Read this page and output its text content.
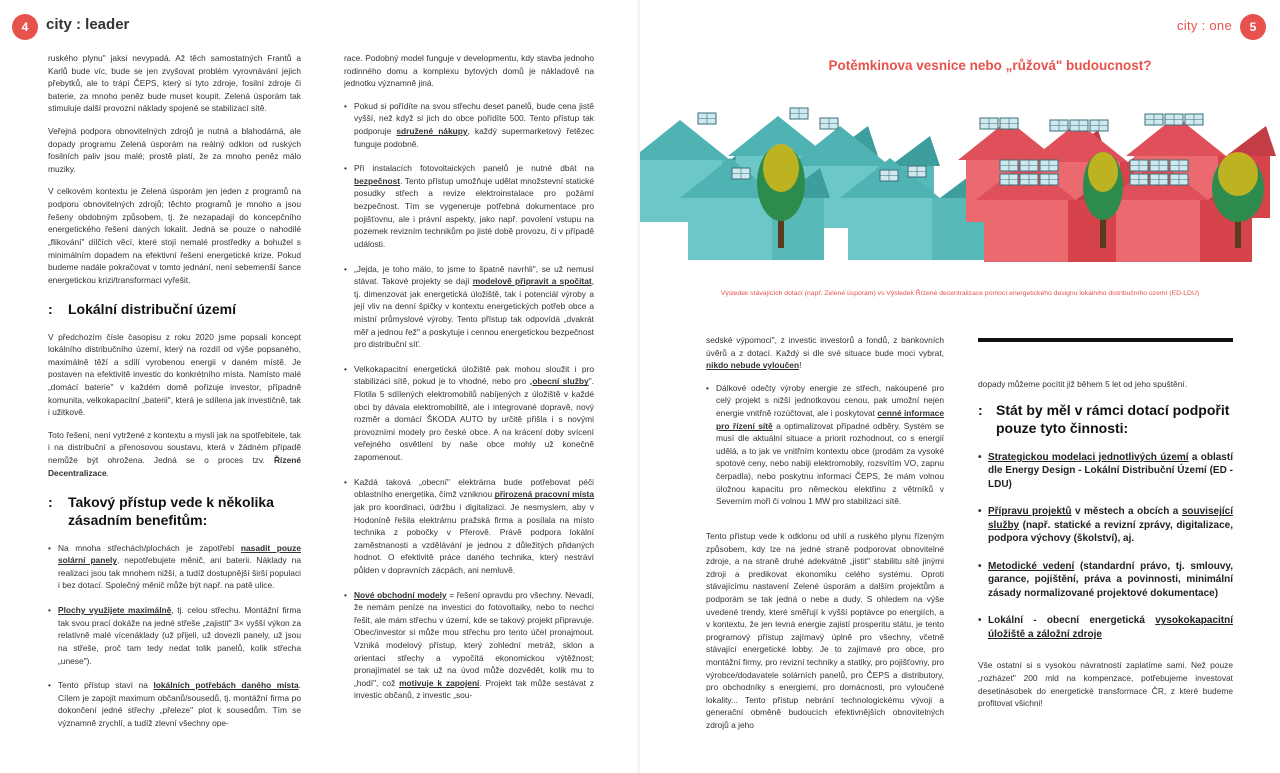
4	city : leader

ruského plynu" jaksi nevypadá. Až těch samostatných Frantů a Karlů bude víc, bude se jen zvyšovat problém vyrovnávání jejich přebytků, ale to trápí ČEPS, který si tyto zdroje, fosilní zdroje či baterie, za mnoho peněz bude muset koupit. Zelená úsporám tak stimuluje další provozní náklady spojené se stabilizací sítě.

Veřejná podpora obnovitelných zdrojů je nutná a blahodárná, ale dopady programu Zelená úsporám na reálný odklon od ruských fosilních paliv jsou malé; prostě platí, že za mnoho peněz málo muziky.

V celkovém kontextu je Zelená úsporám jen jeden z programů na podporu obnovitelných zdrojů; těchto programů je mnoho a jsou řešeny obdobným způsobem, tj. že nezapadají do koncepčního energetického řešení daných lokalit. Jedná se pouze o nahodilé „flikování" dílčích věcí, které stojí nemalé prostředky a bohužel s minimálním dopadem na efektivní řešení energetické krize. Pokud budeme nadále pokračovat v tomto jednání, není sebemenší šance energetickou krizi/transformaci vyřešit.

:	Lokální distribuční území

V předchozím čísle časopisu z roku 2020 jsme popsali koncept lokálního distribučního území, který na rozdíl od výše popsaného, maximálně těží a sdílí vyrobenou energii v daném místě. Je postaven na efektivitě investic do konkrétního místa. Namísto malé „domácí baterie" v každém domě pořizuje investor, případně komunita, velkokapacitní „baterii", která je sdílena jak investičně, tak i užitkově.

Toto řešení, není vytržené z kontextu a myslí jak na spotřebitele, tak i na distribuční a přenosovou soustavu, která v žádném případě nemůže být ohrožena. Jedná se o proces tzv. Řízené Decentralizace.

:	Takový přístup vede k několika zásadním benefitům:
• Na mnoha střechách/plochách je zapotřebí nasadit pouze solární panely, nepotřebujete měnič, ani baterii. Náklady na realizaci jsou tak mnohem nižší, a tudíž dostupnější širší populaci i bez dotací. Společný měnič může být např. na patě ulice.
• Plochy využijete maximálně, tj. celou střechu. Montážní firma tak svou prací dokáže na jedné střeše „zajistit" 3× vyšší výkon za relativně malé vícenáklady (už přijeli, už dovezli panely, už jsou na střeše, proč tam tedy nedat tolik panelů, kolik střecha „unese").
• Tento přístup staví na lokálních potřebách daného místa. Cílem je zapojit maximum občanů/sousedů, tj. montážní firma po dokončení jedné střechy „přeleze" plot k sousedům. Tím se významně zrychlí, a tudíž zlevní všechny ope-

race. Podobný model funguje v developmentu, kdy stavba jednoho rodinného domu a komplexu bytových domů je nákladově na jednotku významně jiná.

• Pokud si pořídíte na svou střechu deset panelů, bude cena jistě vyšší, než když si jich do obce pořídíte 500. Tento přístup tak podporuje sdružené nákupy, každý supermarketový řetězec funguje podobně.
• Při instalacích fotovoltaických panelů je nutné dbát na bezpečnost. Tento přístup umožňuje udělat množstevní statické posudky střech a revize elektroinstalace pro požární bezpečnost. Tím se vygeneruje potřebná dokumentace pro pojišťovnu, ale i právní aspekty, jako např. povolení vstupu na pozemek revizním technikům po jisté době provozu, či v případě události.
• „Jejda, je toho málo, to jsme to špatně navrhli", se už nemusí stávat. Takové projekty se dají modelově připravit a spočítat, tj. dimenzovat jak energetická úložiště, tak i potenciál výroby a její vliv na denní špičky v kontextu energetických potřeb obce a místní průmyslové výroby. Tento přístup tak odpovídá „dvakrát měř a jednou řež" a poskytuje i cennou energetickou bezpečnost pro distribuční síť.
• Velkokapacitní energetická úložiště pak mohou sloužit i pro stabilizaci sítě, pokud je to vhodné, nebo pro „obecní služby". Flotila 5 sdílených elektromobilů nabíjených z úložiště v každé obci by dávala elektromobilitě, ale i integrované dopravě, nový rozměr a domácí ŠKODA AUTO by určitě přišla i s novými provozními modely pro české obce. A na krácení doby svícení veřejného osvětlení by naše obce mohly už konečně zapomenout.
• Každá taková „obecní" elektrárna bude potřebovat péči oblastního energetika, čímž vzniknou přirozená pracovní místa jak pro koordinaci, údržbu i digitalizaci. Je nesmyslem, aby v Hodoníně řešila elektrárnu pražská firma a posílala na místo technika z pobočky v Přerově. Právě podpora lokální zaměstnanosti a vzdělávání je jednou z důležitých přidaných hodnot. O efektivitě práce daného technika, který nestráví půlden v dopravních zácpách, ani nemluvě.
• Nové obchodní modely = řešení opravdu pro všechny. Nevadí, že nemám peníze na investici do fotovoltaiky, nebo to nechci řešit, ale mám střechu v území, kde se takový projekt připravuje. Obec/investor si může mou střechu pro tento účel pronajmout. Vzniká modelový přístup, který zohlední metráž, sklon a orientaci střechy a vypočítá ekonomickou výtěžnost; pronajímatel se tak už na úvod může dozvědět, kolik mu to „hodí", což motivuje k zapojení. Projekt tak může sestávat z investic občanů, z investic „sou-
city : one	5
Potěmkinova vesnice nebo „růžová" budoucnost?
Výsledek stávajících dotací (např. Zelené úsporám) vs Výsledek Řízené decentralizace pomocí energetického designu lokálního distribučního území (ED-LDU)

sedské výpomoci", z investic investorů a fondů, z bankovních úvěrů a z dotací. Každý si dle své situace bude moci vybrat, nikdo nebude vyloučen!

• Dálkové odečty výroby energie ze střech, nakoupené pro celý projekt s nižší jednotkovou cenou, pak umožní nejen energie vnitřně rozúčtovat, ale i poskytovat cenné informace pro řízení sítě a optimalizovat případné odběry. Systém se musí dle aktuální situace a priorit rozhodnout, co s energií udělá, a to jak ve vnitřním kontextu obce (prodám za vysoké spotové ceny, nebo nabiji elektromobily, rozsvítím VO, zapnu čerpadla), nebo poskytnu informaci ČEPS, že mám volnou úložnou kapacitu pro německou elektřinu z větrníků v Severním moři či volnou 1 MW pro stabilizaci sítě.

Tento přístup vede k odklonu od uhlí a ruského plynu řízeným způsobem, kdy lze na jedné straně podporovat obnovitelné zdroje, a na straně druhé adekvátně „jistit" stabilitu sítě jinými zdroji a predikovat ekonomiku celého systému. Oproti stávajícímu nastavení Zelené úsporám a dalším projektům a podporám se tak jedná o nebe a dudy. S ohledem na výše uvedené trendy, které směřují k vyšší poptávce po energiích, a v kontextu, že jen levná energie zajistí prosperitu státu, je tento programový přístup zajímavý úplně pro všechny, včetně stávající energetické lobby. Je to zajímavé pro obce, pro montážní firmy, pro revizní techniky a statiky, pro pojišťovny, pro výrobce/dodavatele solárních panelů, pro ČEPS a distributory, pro obchodníky s energiemi, pro domácnosti, pro vyloučené lokality... Tento přístup nebrání technologickému vývoji a generační obměně budoucích efektivnějších obnovitelných zdrojů a jeho

dopady můžeme pocítit již během 5 let od jeho spuštění.

: Stát by měl v rámci dotací podpořit pouze tyto činnosti:
• Strategickou modelaci jednotlivých území a oblastí dle Energy Design - Lokální Distribuční Území (ED - LDU)
• Přípravu projektů v městech a obcích a související služby (např. statické a revizní zprávy, digitalizace, podpora výchovy (školství), aj.
• Metodické vedení (standardní právo, tj. smlouvy, garance, pojištění, práva a povinnosti, minimální zásady normalizované projektové dokumentace)
• Lokální - obecní energetická vysokokapacitní úložiště a záložní zdroje

Vše ostatní si s vysokou návratností zaplatíme sami. Než pouze „rozházet" 200 mld na kompenzace, potřebujeme investovat desetinásobek do energetické transformace ČR, z které budeme profitovat všichni!
